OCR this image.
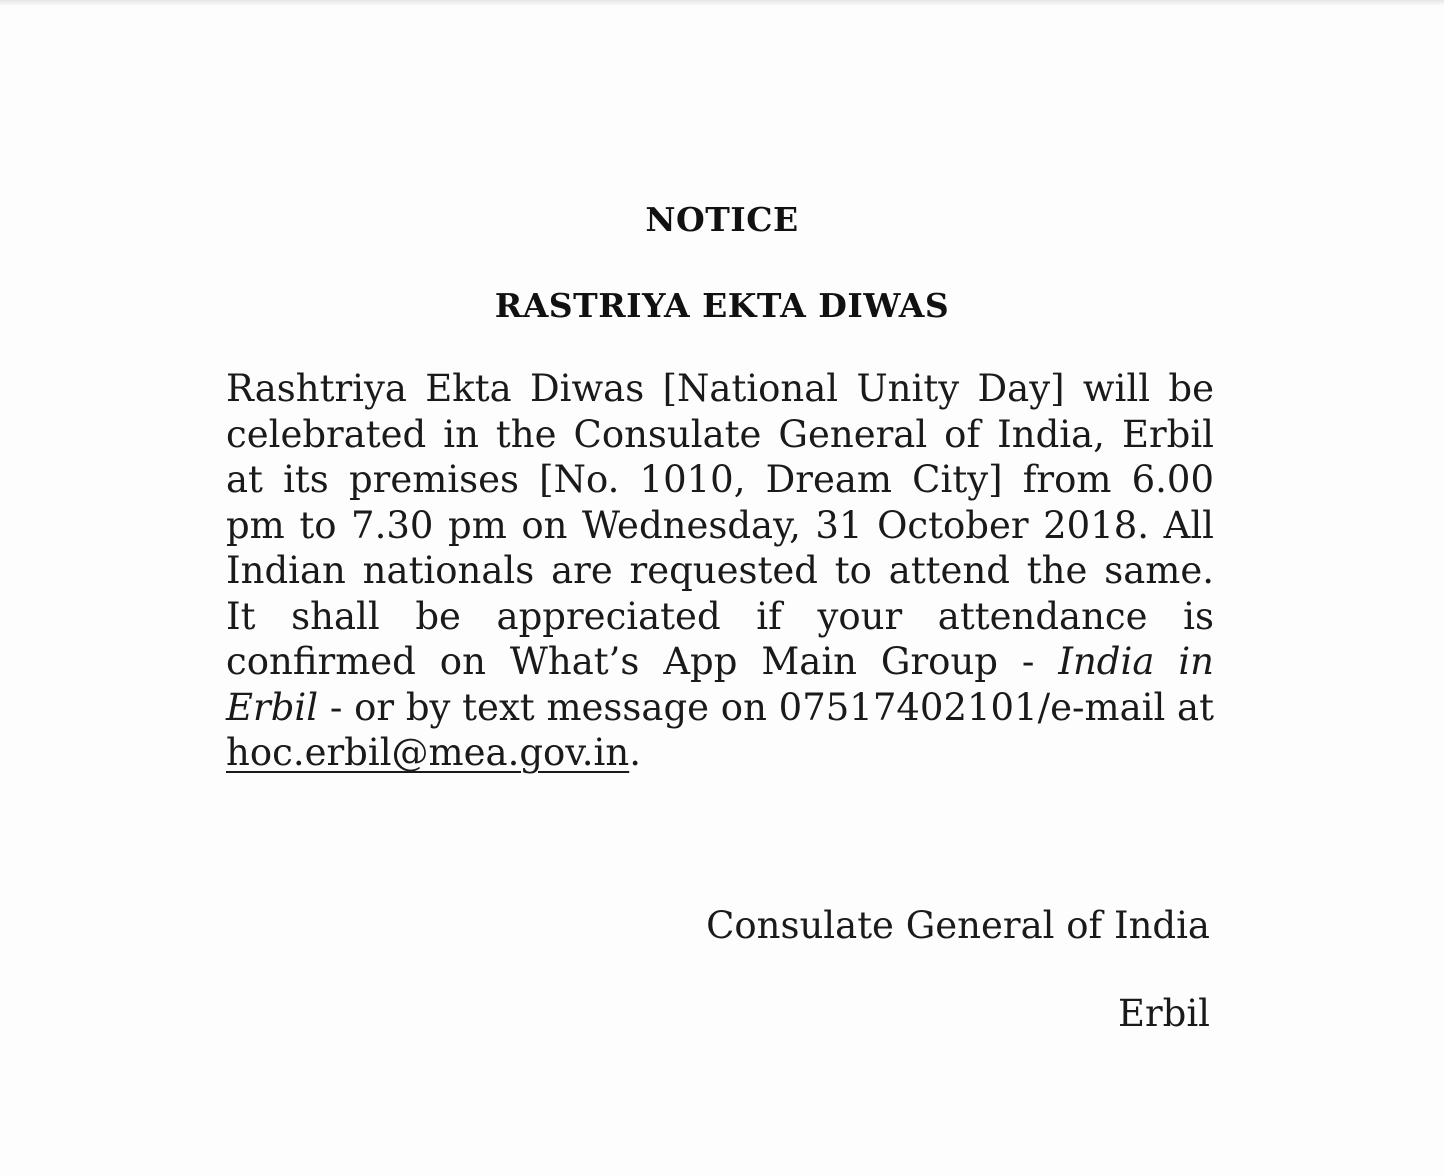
NOTICE
RASTRIYA EKTA DIWAS

Rashtriya Ekta Diwas [National Unity Day] will be celebrated in the Consulate General of India, Erbil at its premises [No. 1010, Dream City] from 6.00 pm to 7.30 pm on Wednesday, 31 October 2018. All Indian nationals are requested to attend the same. It shall be appreciated if your attendance is confirmed on What’s App Main Group - India in Erbil - or by text message on 07517402101/e-mail at hoc.erbil@mea.gov.in.

Consulate General of India
Erbil
